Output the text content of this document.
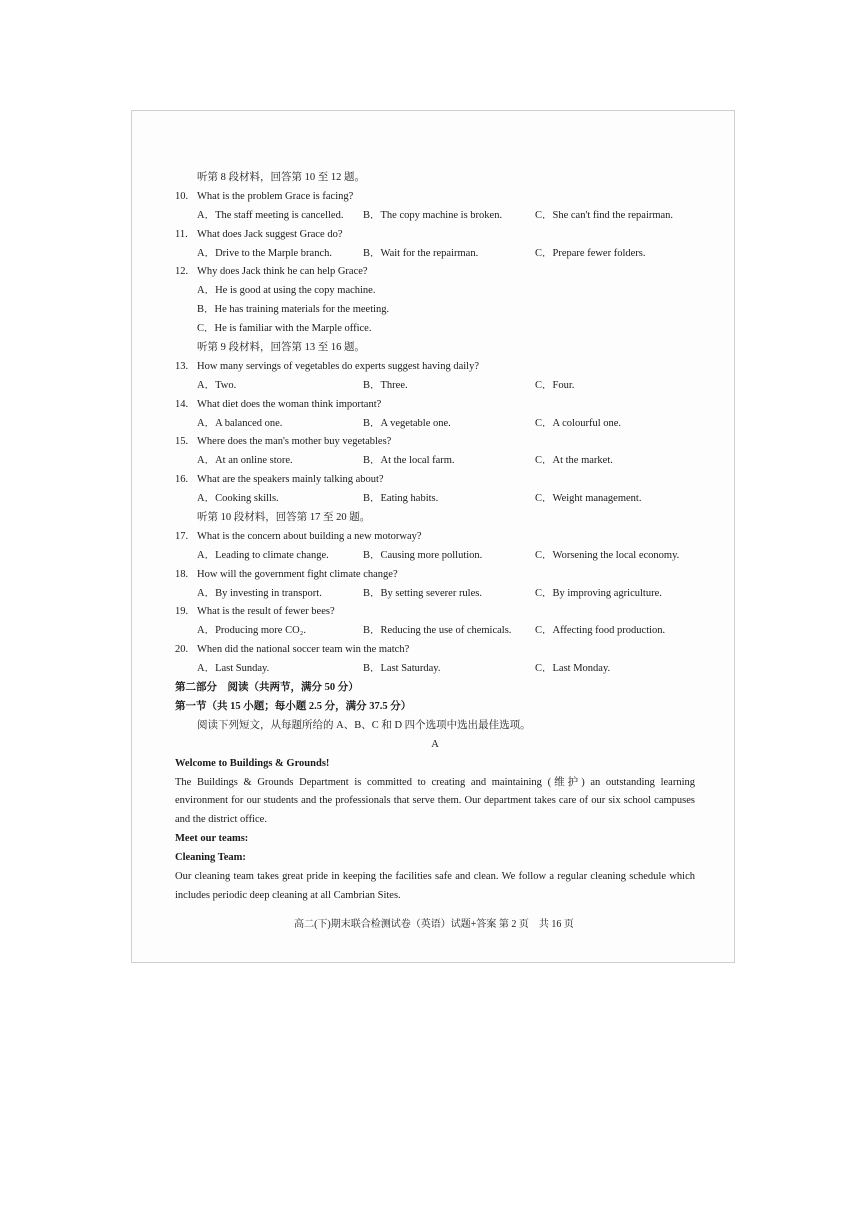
听第 8 段材料，回答第 10 至 12 题。
10. What is the problem Grace is facing?
A．The staff meeting is cancelled. B．The copy machine is broken.	C．She can't find the repairman.
11. What does Jack suggest Grace do?
A．Drive to the Marple branch.	B．Wait for the repairman.	C．Prepare fewer folders.
12. Why does Jack think he can help Grace?
A．He is good at using the copy machine.
B．He has training materials for the meeting.
C．He is familiar with the Marple office.
听第 9 段材料，回答第 13 至 16 题。
13. How many servings of vegetables do experts suggest having daily?
A．Two.	B．Three.	C．Four.
14. What diet does the woman think important?
A．A balanced one.	B．A vegetable one.	C．A colourful one.
15. Where does the man's mother buy vegetables?
A．At an online store.	B．At the local farm.	C．At the market.
16. What are the speakers mainly talking about?
A．Cooking skills.	B．Eating habits.	C．Weight management.
听第 10 段材料，回答第 17 至 20 题。
17. What is the concern about building a new motorway?
A．Leading to climate change.	B．Causing more pollution.	C．Worsening the local economy.
18. How will the government fight climate change?
A．By investing in transport.	B．By setting severer rules.	C．By improving agriculture.
19. What is the result of fewer bees?
A．Producing more CO₂.	B．Reducing the use of chemicals. C．Affecting food production.
20. When did the national soccer team win the match?
A．Last Sunday.	B．Last Saturday.	C．Last Monday.
第二部分　阅读（共两节，满分 50 分）
第一节（共 15 小题；每小题 2.5 分，满分 37.5 分）
阅读下列短文，从每题所给的 A、B、C 和 D 四个选项中选出最佳选项。
A
Welcome to Buildings & Grounds!
The Buildings & Grounds Department is committed to creating and maintaining (维护) an outstanding learning environment for our students and the professionals that serve them. Our department takes care of our six school campuses and the district office.
Meet our teams:
Cleaning Team:
Our cleaning team takes great pride in keeping the facilities safe and clean. We follow a regular cleaning schedule which includes periodic deep cleaning at all Cambrian Sites.
高二(下)期末联合检测试卷（英语）试题+答案 第 2 页　共 16 页
